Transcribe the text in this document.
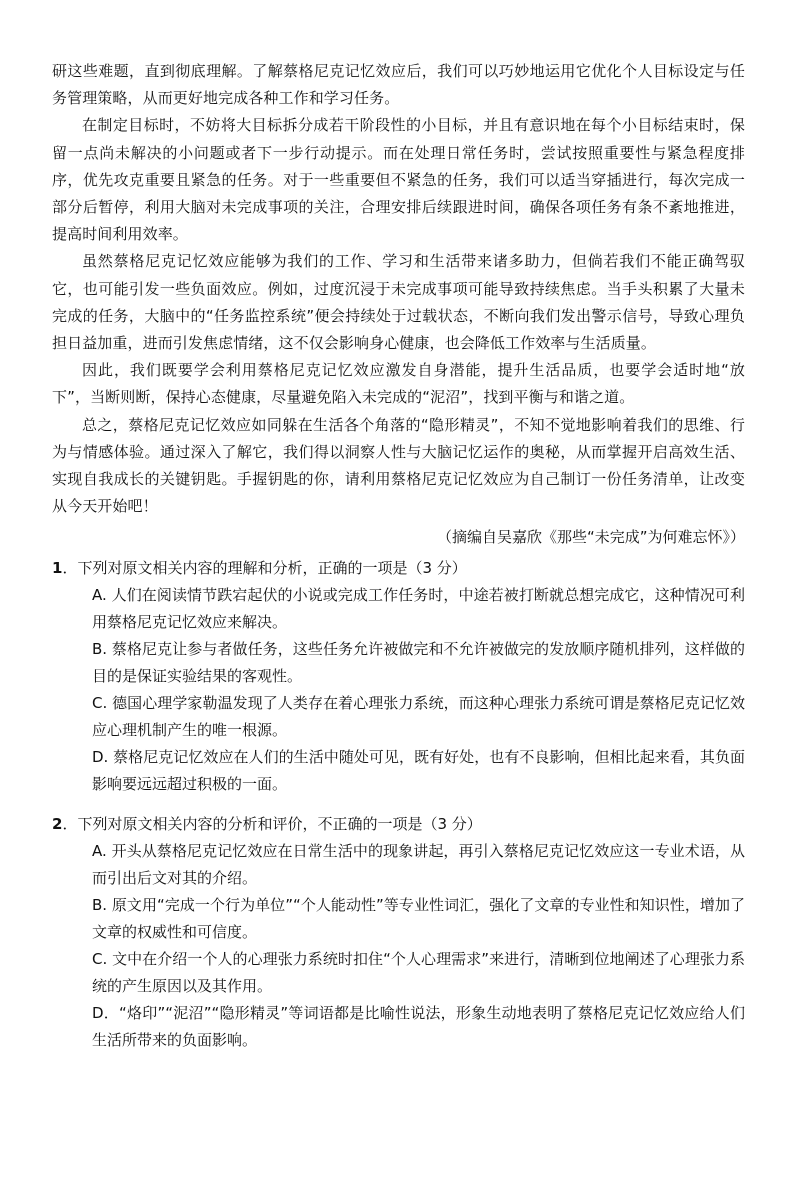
研这些难题，直到彻底理解。了解蔡格尼克记忆效应后，我们可以巧妙地运用它优化个人目标设定与任务管理策略，从而更好地完成各种工作和学习任务。

在制定目标时，不妨将大目标拆分成若干阶段性的小目标，并且有意识地在每个小目标结束时，保留一点尚未解决的小问题或者下一步行动提示。而在处理日常任务时，尝试按照重要性与紧急程度排序，优先攻克重要且紧急的任务。对于一些重要但不紧急的任务，我们可以适当穿插进行，每次完成一部分后暂停，利用大脑对未完成事项的关注，合理安排后续跟进时间，确保各项任务有条不紊地推进，提高时间利用效率。

虽然蔡格尼克记忆效应能够为我们的工作、学习和生活带来诸多助力，但倘若我们不能正确驾驭它，也可能引发一些负面效应。例如，过度沉浸于未完成事项可能导致持续焦虑。当手头积累了大量未完成的任务，大脑中的“任务监控系统”便会持续处于过载状态，不断向我们发出警示信号，导致心理负担日益加重，进而引发焦虑情绪，这不仅会影响身心健康，也会降低工作效率与生活质量。

因此，我们既要学会利用蔡格尼克记忆效应激发自身潜能，提升生活品质，也要学会适时地“放下”，当断则断，保持心态健康，尽量避免陷入未完成的“泥沼”，找到平衡与和谐之道。

总之，蔡格尼克记忆效应如同躲在生活各个角落的“隐形精灵”，不知不觉地影响着我们的思维、行为与情感体验。通过深入了解它，我们得以洞察人性与大脑记忆运作的奥秘，从而掌握开启高效生活、实现自我成长的关键钥匙。手握钥匙的你，请利用蔡格尼克记忆效应为自己制订一份任务清单，让改变从今天开始吧！

（摘编自吴嘉欣《那些“未完成”为何难忘怀》）

1．下列对原文相关内容的理解和分析，正确的一项是（3 分）

A. 人们在阅读情节跌宕起伏的小说或完成工作任务时，中途若被打断就总想完成它，这种情况可利用蔡格尼克记忆效应来解决。

B. 蔡格尼克让参与者做任务，这些任务允许被做完和不允许被做完的发放顺序随机排列，这样做的目的是保证实验结果的客观性。

C. 德国心理学家勒温发现了人类存在着心理张力系统，而这种心理张力系统可谓是蔡格尼克记忆效应心理机制产生的唯一根源。

D. 蔡格尼克记忆效应在人们的生活中随处可见，既有好处，也有不良影响，但相比起来看，其负面影响要远远超过积极的一面。

2．下列对原文相关内容的分析和评价，不正确的一项是（3 分）

A. 开头从蔡格尼克记忆效应在日常生活中的现象讲起，再引入蔡格尼克记忆效应这一专业术语，从而引出后文对其的介绍。

B. 原文用“完成一个行为单位”“个人能动性”等专业性词汇，强化了文章的专业性和知识性，增加了文章的权威性和可信度。

C. 文中在介绍一个人的心理张力系统时扣住“个人心理需求”来进行，清晰到位地阐述了心理张力系统的产生原因以及其作用。

D．“烙印”“泥沼”“隐形精灵”等词语都是比喻性说法，形象生动地表明了蔡格尼克记忆效应给人们生活所带来的负面影响。
